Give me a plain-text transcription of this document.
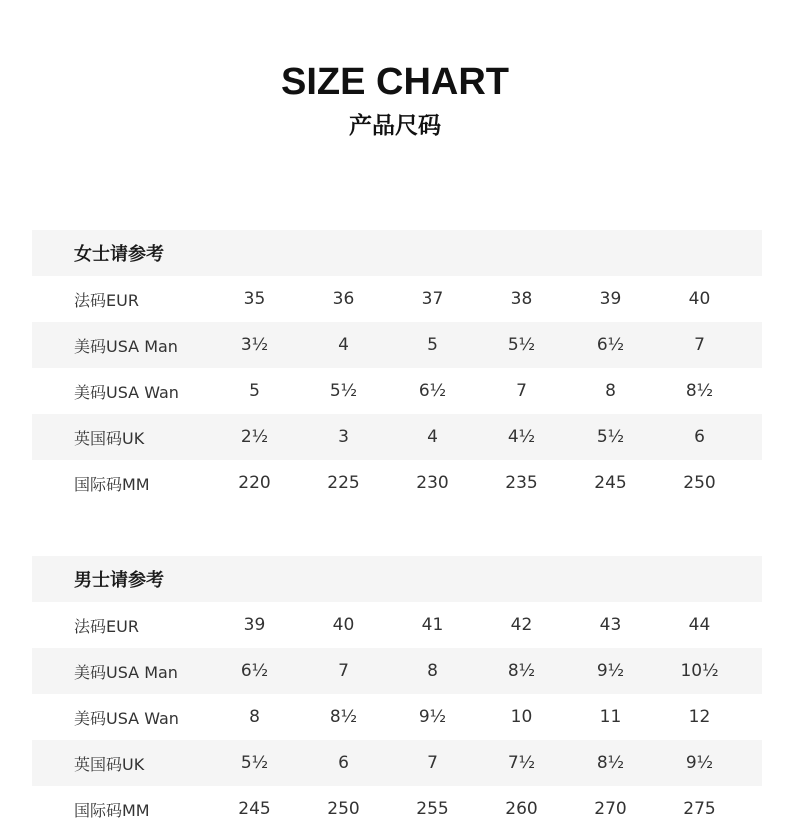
SIZE CHART
产品尺码
女士请参考
法码EUR	35	36	37	38	39	40
美码USA Man	3½	4	5	5½	6½	7
美码USA Wan	5	5½	6½	7	8	8½
英国码UK	2½	3	4	4½	5½	6
国际码MM	220	225	230	235	245	250
男士请参考
法码EUR	39	40	41	42	43	44
美码USA Man	6½	7	8	8½	9½	10½
美码USA Wan	8	8½	9½	10	11	12
英国码UK	5½	6	7	7½	8½	9½
国际码MM	245	250	255	260	270	275
